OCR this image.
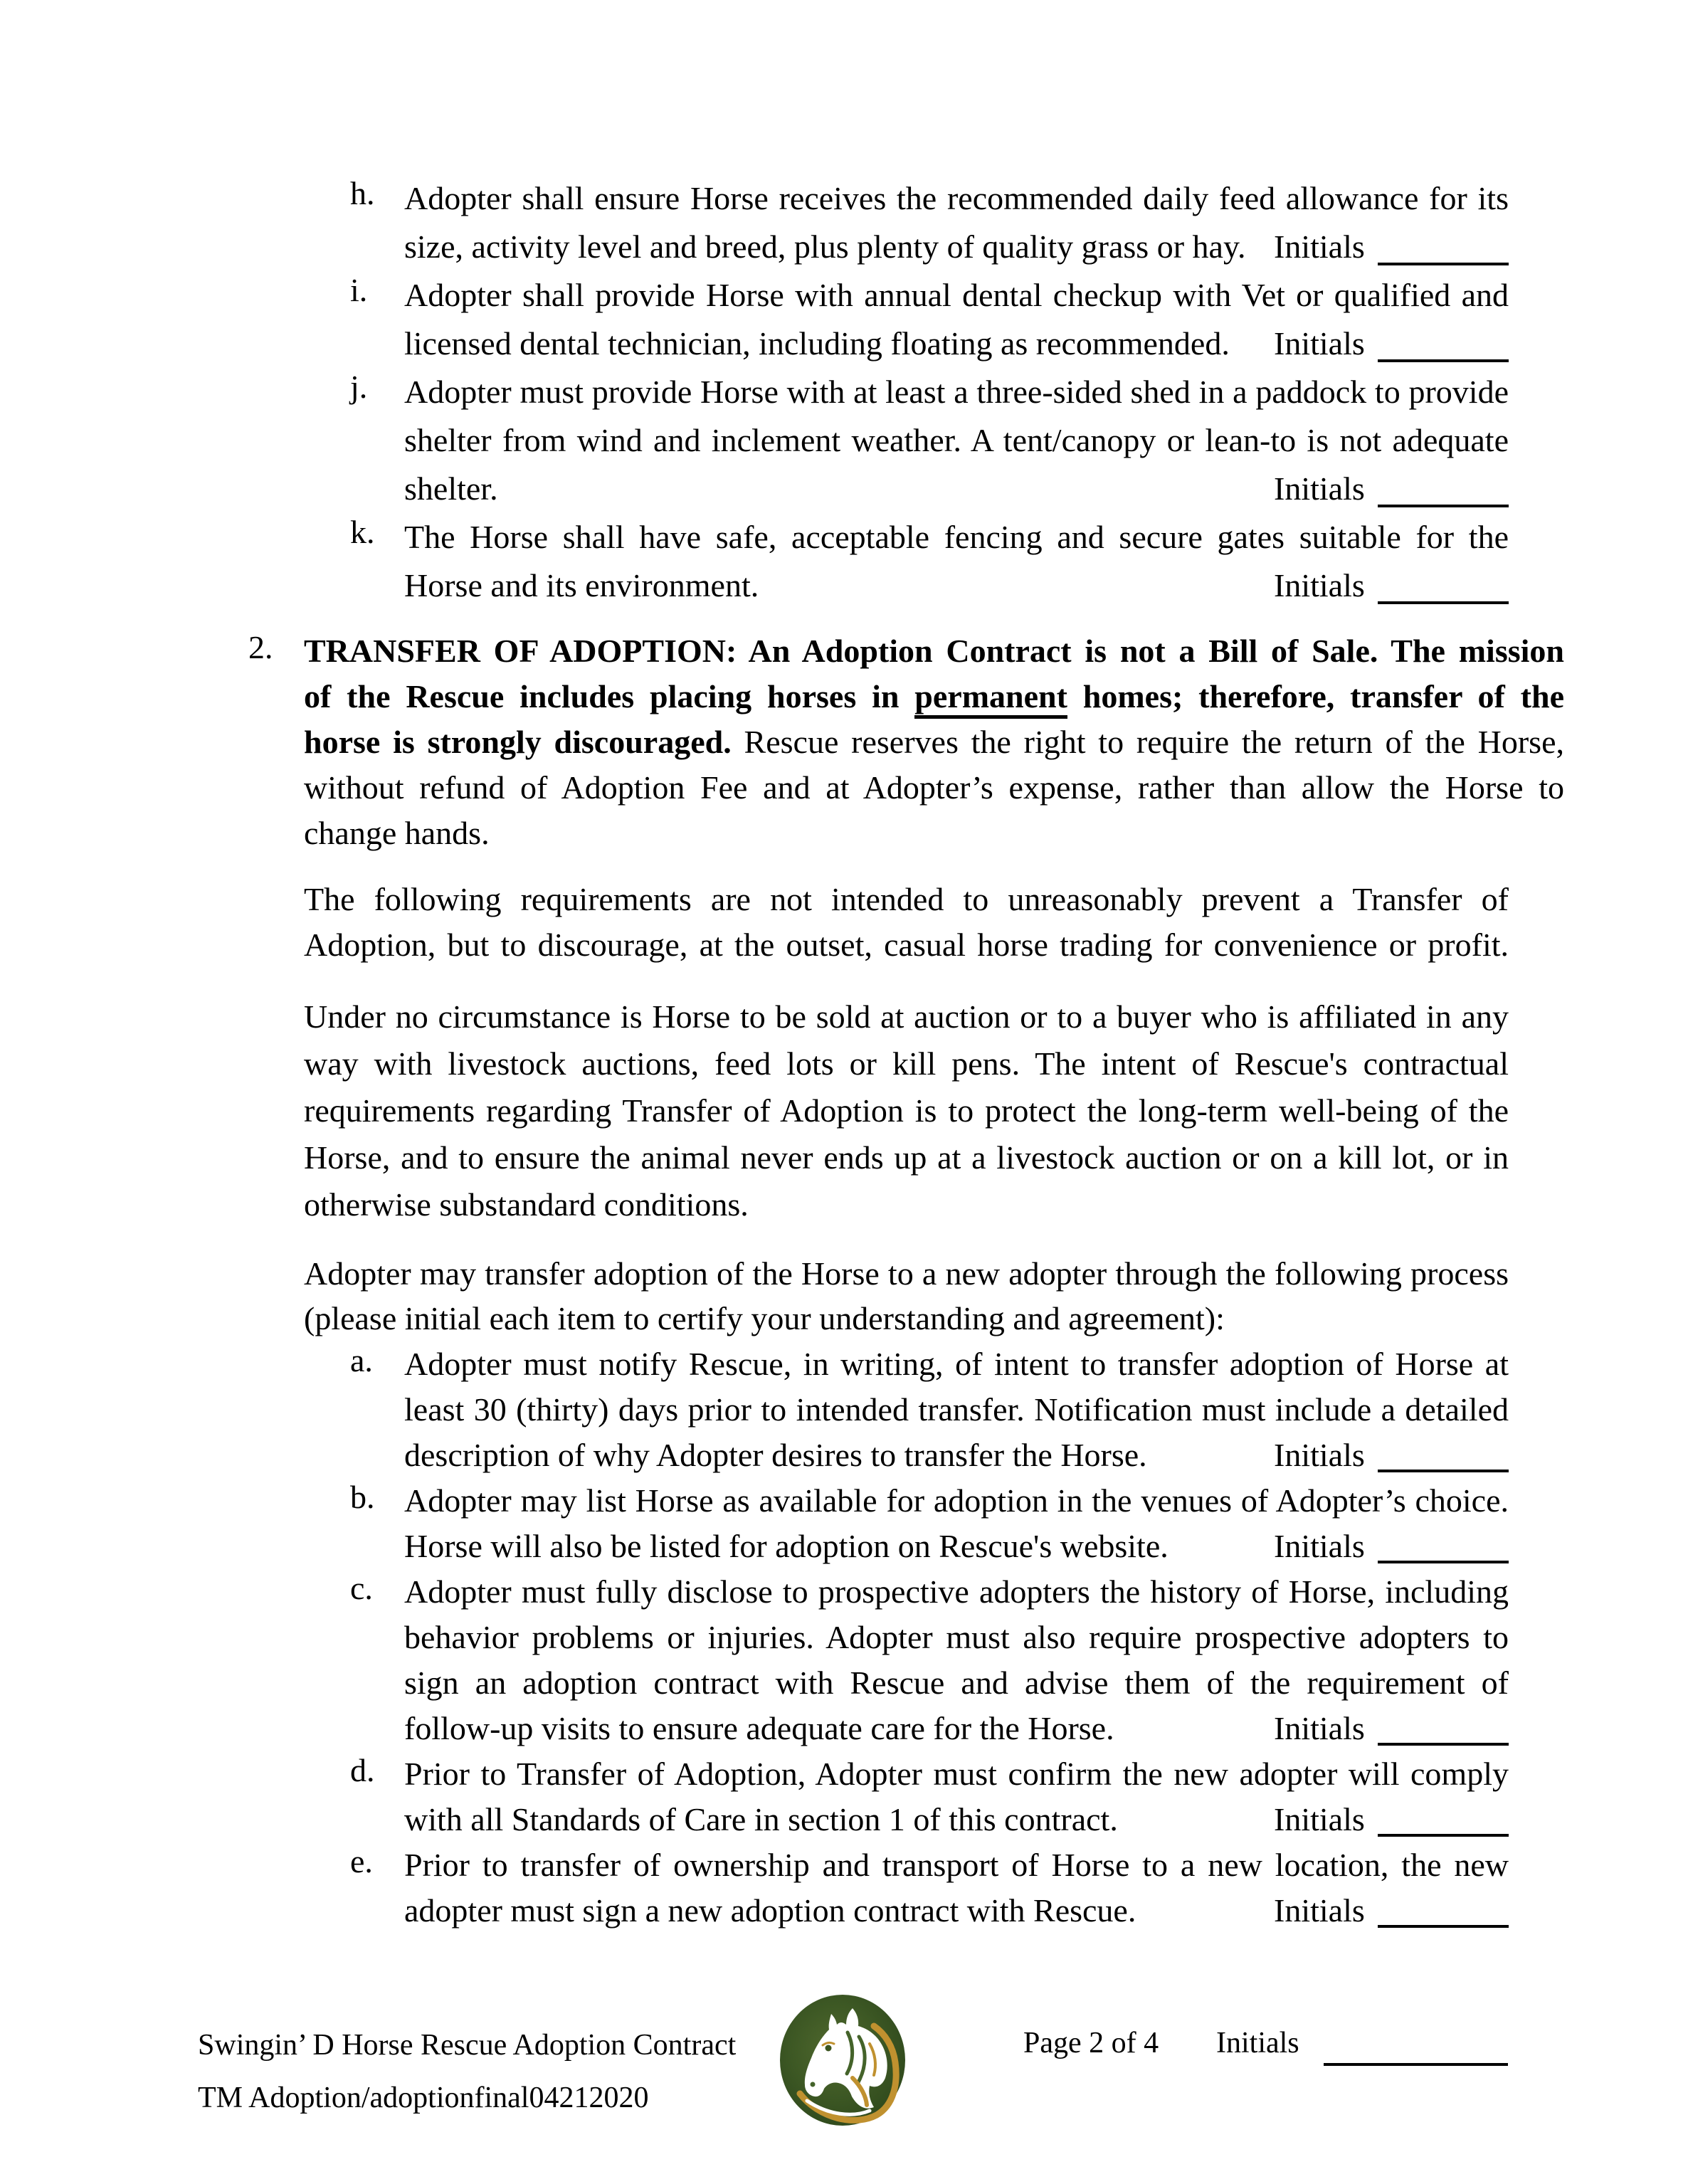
h. Adopter shall ensure Horse receives the recommended daily feed allowance for its
size, activity level and breed, plus plenty of quality grass or hay. Initials
i. Adopter shall provide Horse with annual dental checkup with Vet or qualified and
licensed dental technician, including floating as recommended. Initials
j. Adopter must provide Horse with at least a three-sided shed in a paddock to provide
shelter from wind and inclement weather. A tent/canopy or lean-to is not adequate
shelter.	Initials
k. The Horse shall have safe, acceptable fencing and secure gates suitable for the
Horse and its environment.	Initials
2. TRANSFER OF ADOPTION: An Adoption Contract is not a Bill of Sale. The mission
of the Rescue includes placing horses in permanent homes; therefore, transfer of the
horse is strongly discouraged. Rescue reserves the right to require the return of the Horse,
without refund of Adoption Fee and at Adopter’s expense, rather than allow the Horse to
change hands.
The following requirements are not intended to unreasonably prevent a Transfer of
Adoption, but to discourage, at the outset, casual horse trading for convenience or profit.
Under no circumstance is Horse to be sold at auction or to a buyer who is affiliated in any
way with livestock auctions, feed lots or kill pens. The intent of Rescue's contractual
requirements regarding Transfer of Adoption is to protect the long-term well-being of the
Horse, and to ensure the animal never ends up at a livestock auction or on a kill lot, or in
otherwise substandard conditions.
Adopter may transfer adoption of the Horse to a new adopter through the following process
(please initial each item to certify your understanding and agreement):
a. Adopter must notify Rescue, in writing, of intent to transfer adoption of Horse at
least 30 (thirty) days prior to intended transfer. Notification must include a detailed
description of why Adopter desires to transfer the Horse.	Initials
b. Adopter may list Horse as available for adoption in the venues of Adopter’s choice.
Horse will also be listed for adoption on Rescue's website.	Initials
c. Adopter must fully disclose to prospective adopters the history of Horse, including
behavior problems or injuries. Adopter must also require prospective adopters to
sign an adoption contract with Rescue and advise them of the requirement of
follow-up visits to ensure adequate care for the Horse.	Initials
d. Prior to Transfer of Adoption, Adopter must confirm the new adopter will comply
with all Standards of Care in section 1 of this contract.	Initials
e. Prior to transfer of ownership and transport of Horse to a new location, the new
adopter must sign a new adoption contract with Rescue.	Initials
Swingin’ D Horse Rescue Adoption Contract
TM Adoption/adoptionfinal04212020
Page 2 of 4 Initials
